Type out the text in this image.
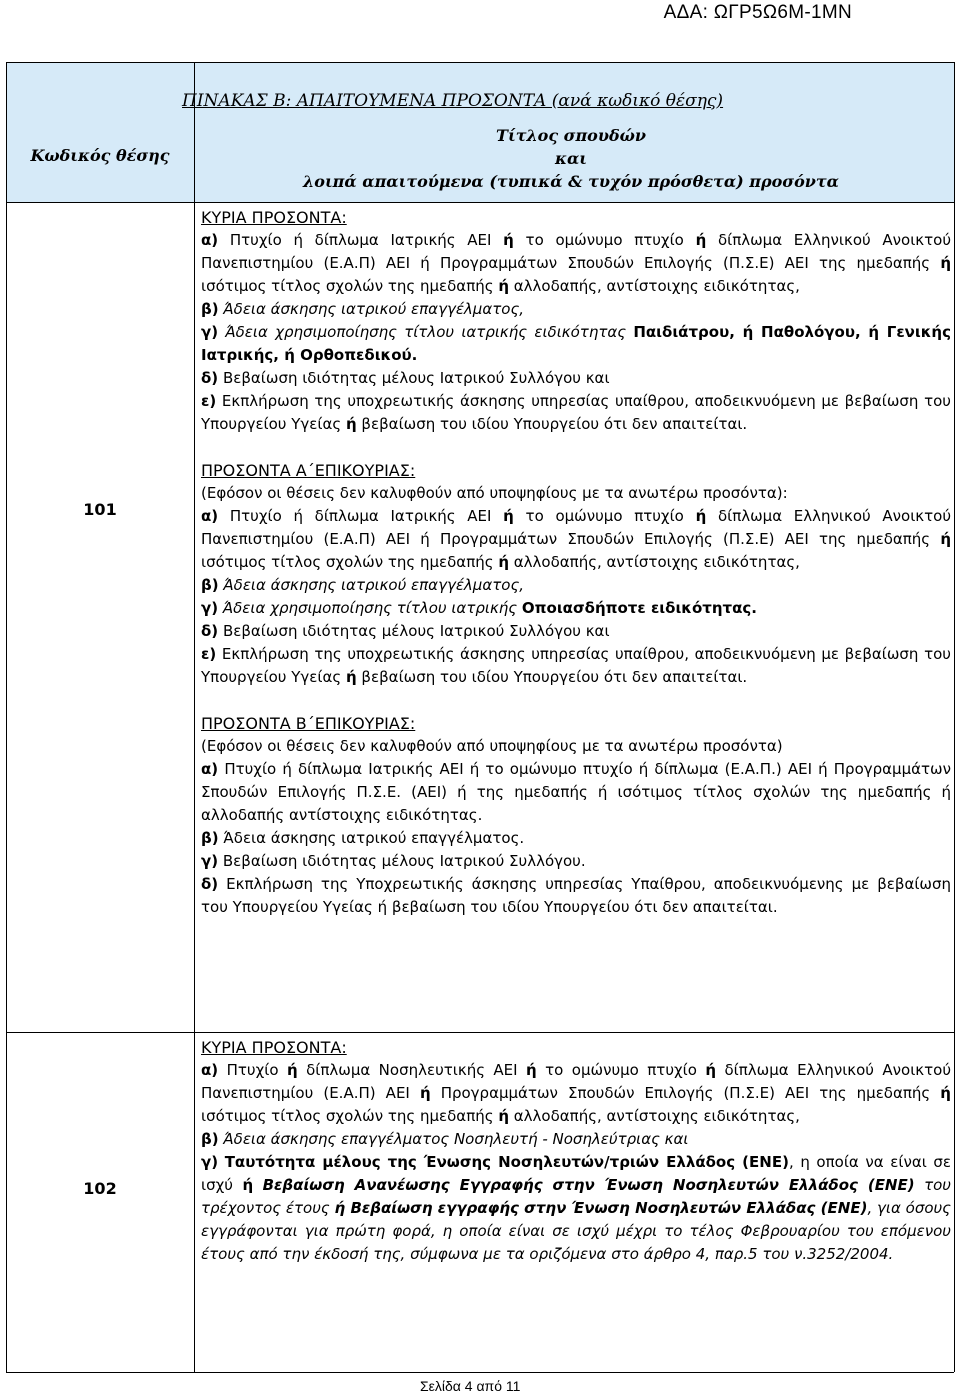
ΑΔΑ: ΩΓΡ5Ω6Μ-1ΜΝ
ΠΙΝΑΚΑΣ Β: ΑΠΑΙΤΟΥΜΕΝΑ ΠΡΟΣΟΝΤΑ (ανά κωδικό θέσης)
Κωδικός θέσης
Τίτλος σπουδών
και
λοιπά απαιτούμενα (τυπικά & τυχόν πρόσθετα) προσόντα
101

ΚΥΡΙΑ ΠΡΟΣΟΝΤΑ:

α) Πτυχίο ή δίπλωμα Ιατρικής ΑΕΙ ή το ομώνυμο πτυχίο ή δίπλωμα Ελληνικού Ανοικτού Πανεπιστημίου (Ε.Α.Π) ΑΕΙ ή Προγραμμάτων Σπουδών Επιλογής (Π.Σ.Ε) ΑΕΙ της ημεδαπής ή ισότιμος τίτλος σχολών της ημεδαπής ή αλλοδαπής, αντίστοιχης ειδικότητας,

β) Άδεια άσκησης ιατρικού επαγγέλματος,

γ) Άδεια χρησιμοποίησης τίτλου ιατρικής ειδικότητας Παιδιάτρου, ή Παθολόγου, ή Γενικής Ιατρικής, ή Ορθοπεδικού.

δ) Βεβαίωση ιδιότητας μέλους Ιατρικού Συλλόγου και

ε) Εκπλήρωση της υποχρεωτικής άσκησης υπηρεσίας υπαίθρου, αποδεικνυόμενη με βεβαίωση του Υπουργείου Υγείας ή βεβαίωση του ιδίου Υπουργείου ότι δεν απαιτείται.

ΠΡΟΣΟΝΤΑ Α΄ΕΠΙΚΟΥΡΙΑΣ:

(Εφόσον οι θέσεις δεν καλυφθούν από υποψηφίους με τα ανωτέρω προσόντα):

α) Πτυχίο ή δίπλωμα Ιατρικής ΑΕΙ ή το ομώνυμο πτυχίο ή δίπλωμα Ελληνικού Ανοικτού Πανεπιστημίου (Ε.Α.Π) ΑΕΙ ή Προγραμμάτων Σπουδών Επιλογής (Π.Σ.Ε) ΑΕΙ της ημεδαπής ή ισότιμος τίτλος σχολών της ημεδαπής ή αλλοδαπής, αντίστοιχης ειδικότητας,

β) Άδεια άσκησης ιατρικού επαγγέλματος,

γ) Άδεια χρησιμοποίησης τίτλου ιατρικής Οποιασδήποτε ειδικότητας.

δ) Βεβαίωση ιδιότητας μέλους Ιατρικού Συλλόγου και

ε) Εκπλήρωση της υποχρεωτικής άσκησης υπηρεσίας υπαίθρου, αποδεικνυόμενη με βεβαίωση του Υπουργείου Υγείας ή βεβαίωση του ιδίου Υπουργείου ότι δεν απαιτείται.

ΠΡΟΣΟΝΤΑ Β΄ΕΠΙΚΟΥΡΙΑΣ:

(Εφόσον οι θέσεις δεν καλυφθούν από υποψηφίους με τα ανωτέρω προσόντα)

α) Πτυχίο ή δίπλωμα Ιατρικής ΑΕΙ ή το ομώνυμο πτυχίο ή δίπλωμα (Ε.Α.Π.) ΑΕΙ ή Προγραμμάτων Σπουδών Επιλογής Π.Σ.Ε. (ΑΕΙ) ή της ημεδαπής ή ισότιμος τίτλος σχολών της ημεδαπής ή αλλοδαπής αντίστοιχης ειδικότητας.

β) Άδεια άσκησης ιατρικού επαγγέλματος.

γ) Βεβαίωση ιδιότητας μέλους Ιατρικού Συλλόγου.

δ) Εκπλήρωση της Υποχρεωτικής άσκησης υπηρεσίας Υπαίθρου, αποδεικνυόμενης με βεβαίωση του Υπουργείου Υγείας ή βεβαίωση του ιδίου Υπουργείου ότι δεν απαιτείται.

102

ΚΥΡΙΑ ΠΡΟΣΟΝΤΑ:

α) Πτυχίο ή δίπλωμα Νοσηλευτικής ΑΕΙ ή το ομώνυμο πτυχίο ή δίπλωμα Ελληνικού Ανοικτού Πανεπιστημίου (Ε.Α.Π) ΑΕΙ ή Προγραμμάτων Σπουδών Επιλογής (Π.Σ.Ε) ΑΕΙ της ημεδαπής ή ισότιμος τίτλος σχολών της ημεδαπής ή αλλοδαπής, αντίστοιχης ειδικότητας,

β) Άδεια άσκησης επαγγέλματος Νοσηλευτή - Νοσηλεύτριας και

γ) Ταυτότητα μέλους της Ένωσης Νοσηλευτών/τριών Ελλάδος (ΕΝΕ), η οποία να είναι σε ισχύ ή Βεβαίωση Ανανέωσης Εγγραφής στην Ένωση Νοσηλευτών Ελλάδος (ΕΝΕ) του τρέχοντος έτους ή Βεβαίωση εγγραφής στην Ένωση Νοσηλευτών Ελλάδας (ΕΝΕ), για όσους εγγράφονται για πρώτη φορά, η οποία είναι σε ισχύ μέχρι το τέλος Φεβρουαρίου του επόμενου έτους από την έκδοσή της, σύμφωνα με τα οριζόμενα στο άρθρο 4, παρ.5 του ν.3252/2004.

Σελίδα 4 από 11
